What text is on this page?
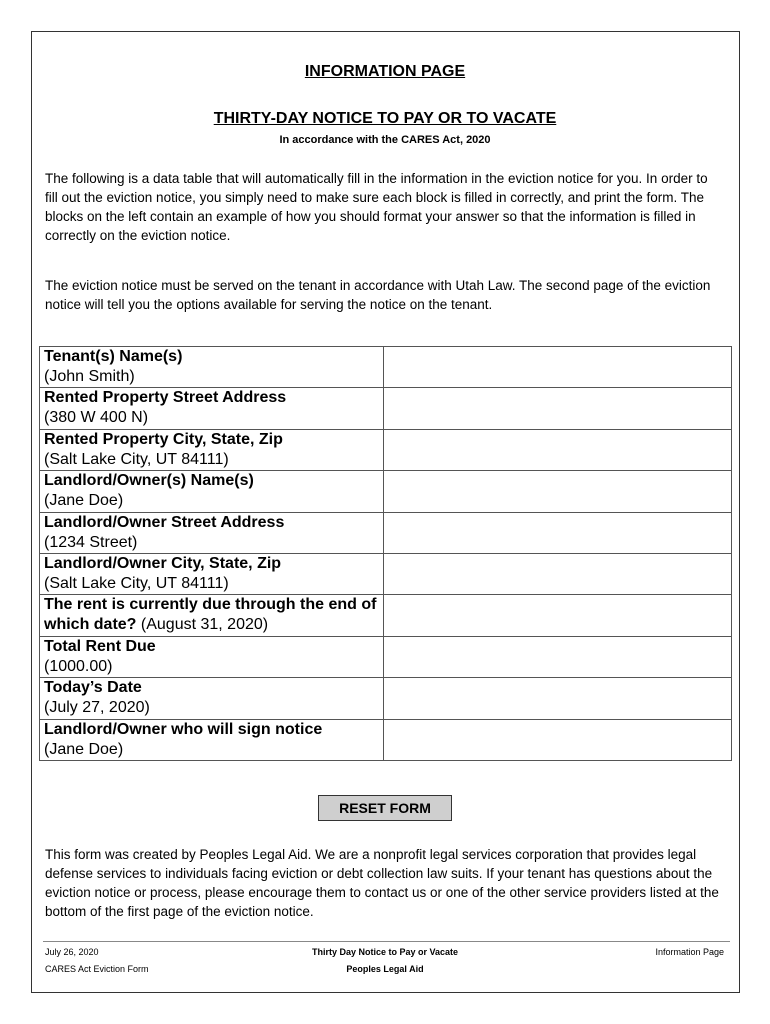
INFORMATION PAGE
THIRTY-DAY NOTICE TO PAY OR TO VACATE
In accordance with the CARES Act, 2020
The following is a data table that will automatically fill in the information in the eviction notice for you. In order to fill out the eviction notice, you simply need to make sure each block is filled in correctly, and print the form. The blocks on the left contain an example of how you should format your answer so that the information is filled in correctly on the eviction notice.
The eviction notice must be served on the tenant in accordance with Utah Law. The second page of the eviction notice will tell you the options available for serving the notice on the tenant.
Tenant(s) Name(s)
(John Smith)	
Rented Property Street Address
(380 W 400 N)	
Rented Property City, State, Zip
(Salt Lake City, UT 84111)	
Landlord/Owner(s) Name(s)
(Jane Doe)	
Landlord/Owner Street Address
(1234 Street)	
Landlord/Owner City, State, Zip
(Salt Lake City, UT 84111)	
The rent is currently due through the end of which date? (August 31, 2020)	
Total Rent Due
(1000.00)	
Today’s Date
(July 27, 2020)	
Landlord/Owner who will sign notice
(Jane Doe)	
RESET FORM
This form was created by Peoples Legal Aid. We are a nonprofit legal services corporation that provides legal defense services to individuals facing eviction or debt collection law suits. If your tenant has questions about the eviction notice or process, please encourage them to contact us or one of the other service providers listed at the bottom of the first page of the eviction notice.
July 26, 2020
CARES Act Eviction Form
Thirty Day Notice to Pay or Vacate
Peoples Legal Aid
Information Page
